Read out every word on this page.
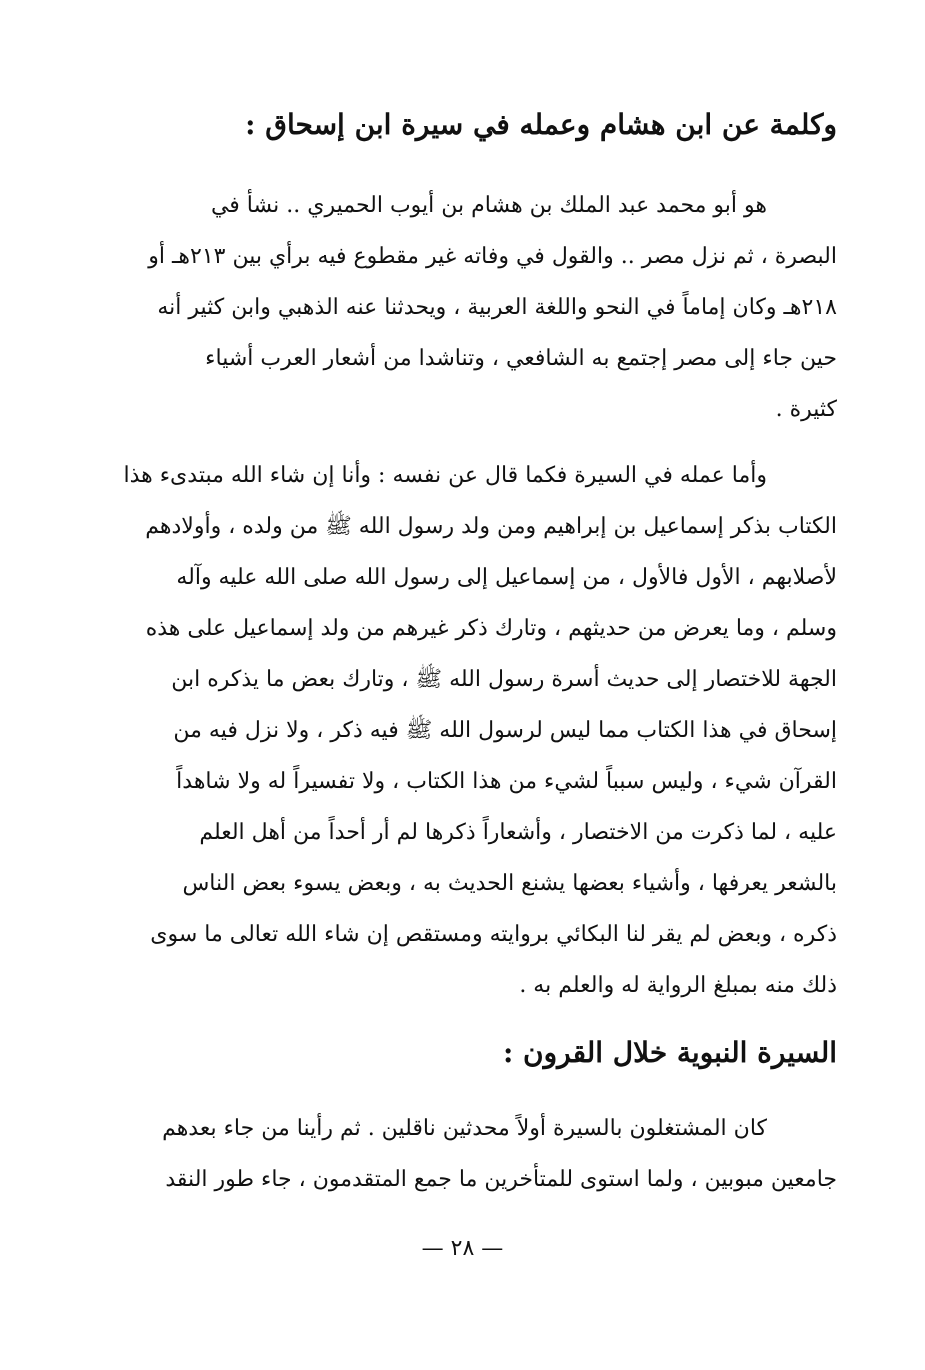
وكلمة عن ابن هشام وعمله في سيرة ابن إسحاق :

هو أبو محمد عبد الملك بن هشام بن أيوب الحميري .. نشأ في
البصرة ، ثم نزل مصر .. والقول في وفاته غير مقطوع فيه برأي بين ٢١٣هـ أو
٢١٨هـ وكان إماماً في النحو واللغة العربية ، ويحدثنا عنه الذهبي وابن كثير أنه
حين جاء إلى مصر إجتمع به الشافعي ، وتناشدا من أشعار العرب أشياء
كثيرة .

وأما عمله في السيرة فكما قال عن نفسه : وأنا إن شاء الله مبتدىء هذا
الكتاب بذكر إسماعيل بن إبراهيم ومن ولد رسول الله ﷺ من ولده ، وأولادهم
لأصلابهم ، الأول فالأول ، من إسماعيل إلى رسول الله صلى الله عليه وآله
وسلم ، وما يعرض من حديثهم ، وتارك ذكر غيرهم من ولد إسماعيل على هذه
الجهة للاختصار إلى حديث أسرة رسول الله ﷺ ، وتارك بعض ما يذكره ابن
إسحاق في هذا الكتاب مما ليس لرسول الله ﷺ فيه ذكر ، ولا نزل فيه من
القرآن شيء ، وليس سبباً لشيء من هذا الكتاب ، ولا تفسيراً له ولا شاهداً
عليه ، لما ذكرت من الاختصار ، وأشعاراً ذكرها لم أر أحداً من أهل العلم
بالشعر يعرفها ، وأشياء بعضها يشنع الحديث به ، وبعض يسوء بعض الناس
ذكره ، وبعض لم يقر لنا البكائي بروايته ومستقص إن شاء الله تعالى ما سوى
ذلك منه بمبلغ الرواية له والعلم به .

السيرة النبوية خلال القرون :

كان المشتغلون بالسيرة أولاً محدثين ناقلين . ثم رأينا من جاء بعدهم
جامعين مبوبين ، ولما استوى للمتأخرين ما جمع المتقدمون ، جاء طور النقد

— ٢٨ —
